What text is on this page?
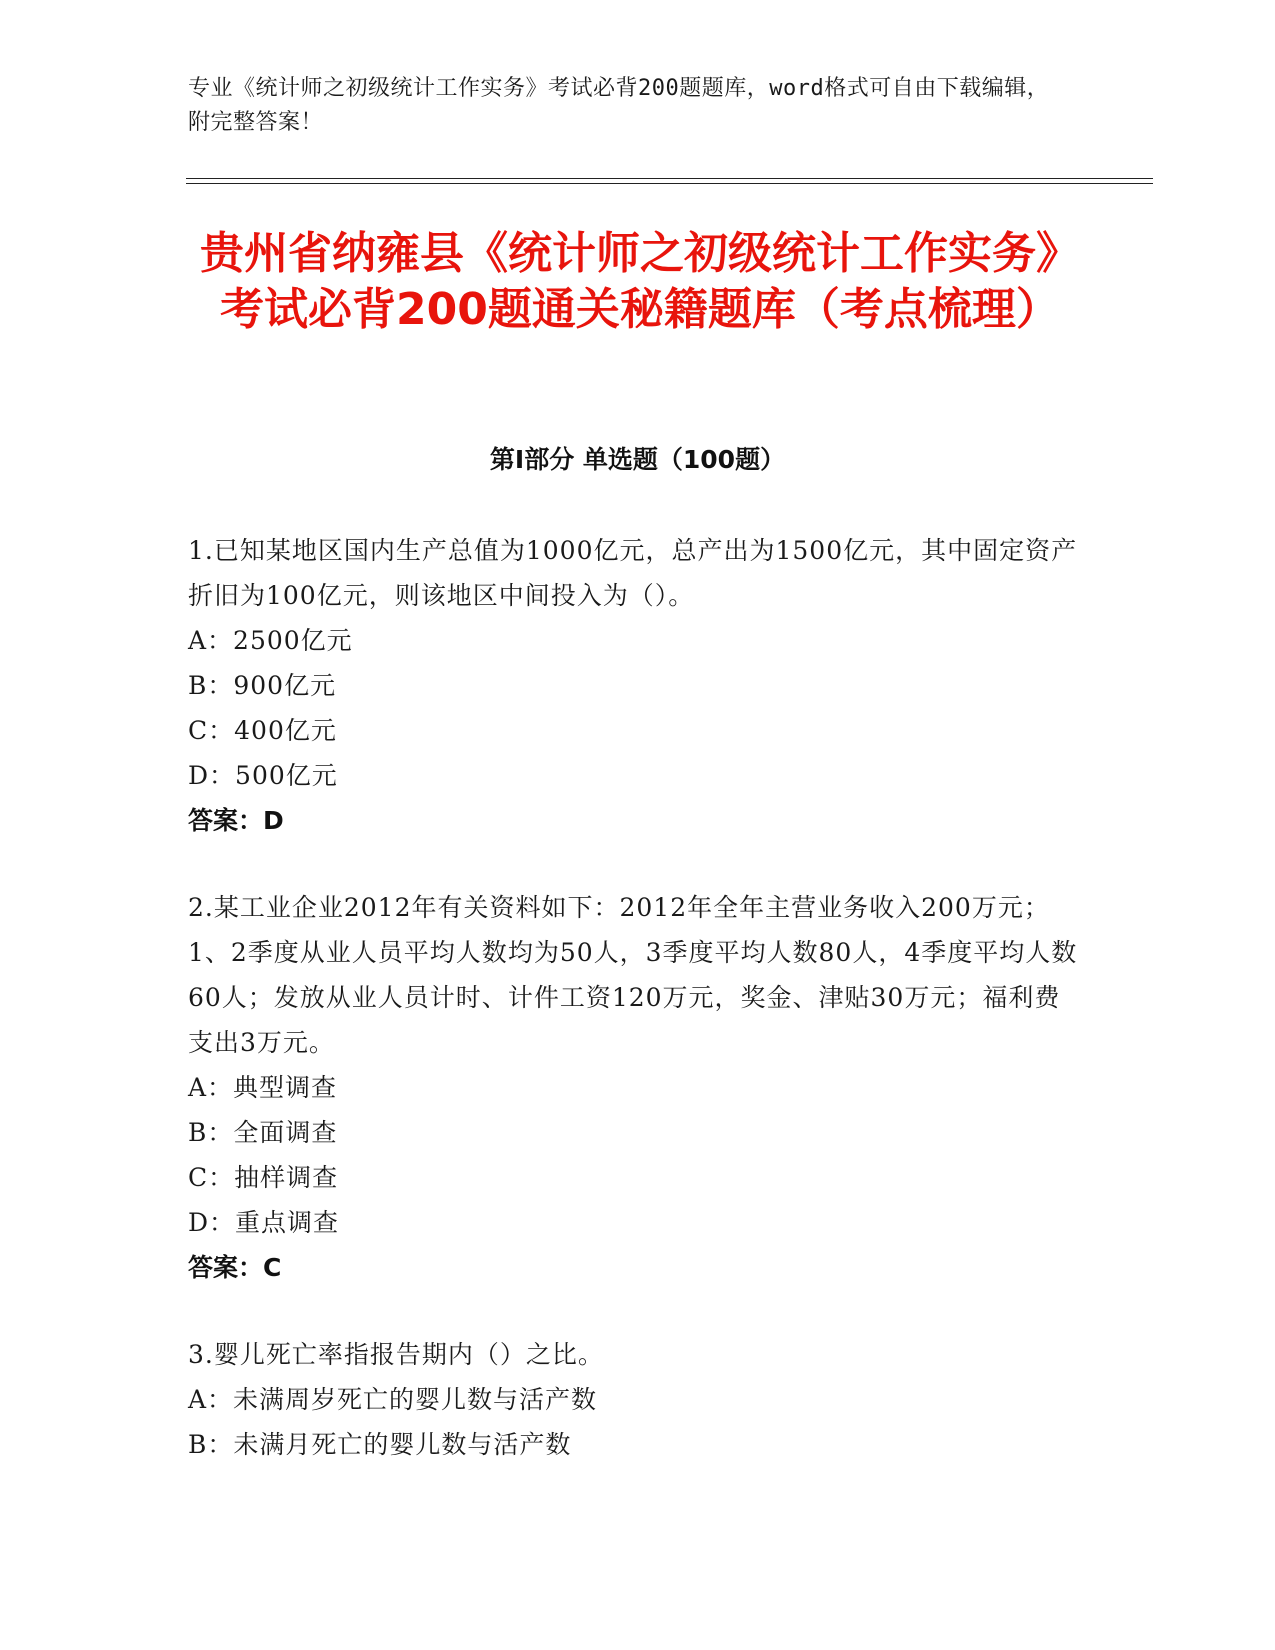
专业《统计师之初级统计工作实务》考试必背200题题库，word格式可自由下载编辑，附完整答案！
贵州省纳雍县《统计师之初级统计工作实务》考试必背200题通关秘籍题库（考点梳理）
第I部分 单选题（100题）
1.已知某地区国内生产总值为1000亿元，总产出为1500亿元，其中固定资产折旧为100亿元，则该地区中间投入为（）。
A：2500亿元
B：900亿元
C：400亿元
D：500亿元
答案：D
2.某工业企业2012年有关资料如下：2012年全年主营业务收入200万元；1、2季度从业人员平均人数均为50人，3季度平均人数80人，4季度平均人数60人；发放从业人员计时、计件工资120万元，奖金、津贴30万元；福利费支出3万元。
A：典型调查
B：全面调查
C：抽样调查
D：重点调查
答案：C
3.婴儿死亡率指报告期内（）之比。
A：未满周岁死亡的婴儿数与活产数
B：未满月死亡的婴儿数与活产数
